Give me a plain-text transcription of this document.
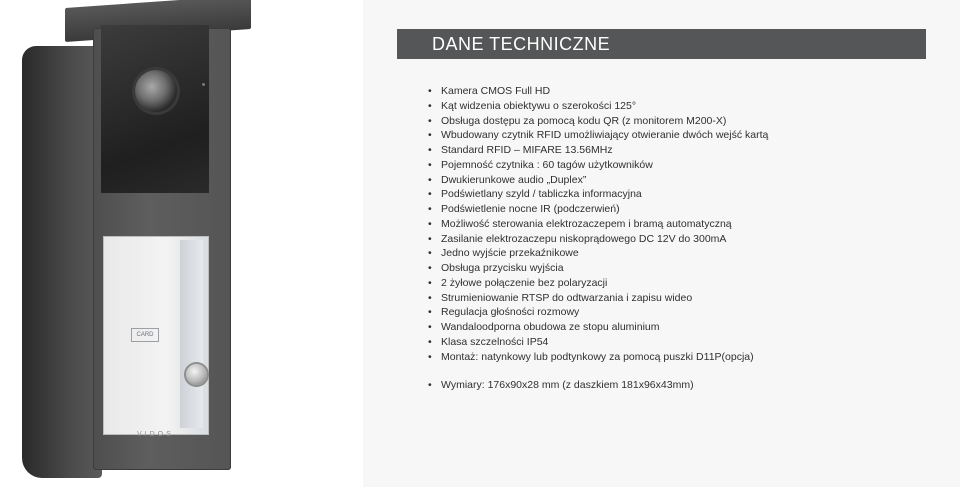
CARD
VIDOS
DANE TECHNICZNE
• Kamera CMOS Full HD
• Kąt widzenia obiektywu o szerokości 125°
• Obsługa dostępu za pomocą kodu QR (z monitorem M200-X)
• Wbudowany czytnik RFID umożliwiający otwieranie dwóch wejść kartą
• Standard RFID – MIFARE 13.56MHz
• Pojemność czytnika : 60 tagów użytkowników
• Dwukierunkowe audio „Duplex”
• Podświetlany szyld / tabliczka informacyjna
• Podświetlenie nocne IR (podczerwień)
• Możliwość sterowania elektrozaczepem i bramą automatyczną
• Zasilanie elektrozaczepu niskoprądowego DC 12V do 300mA
• Jedno wyjście przekaźnikowe
• Obsługa przycisku wyjścia
• 2 żyłowe połączenie bez polaryzacji
• Strumieniowanie RTSP do odtwarzania i zapisu wideo
• Regulacja głośności rozmowy
• Wandaloodporna obudowa ze stopu aluminium
• Klasa szczelności IP54
• Montaż: natynkowy lub podtynkowy za pomocą puszki D11P(opcja)
• Wymiary: 176x90x28 mm (z daszkiem 181x96x43mm)
